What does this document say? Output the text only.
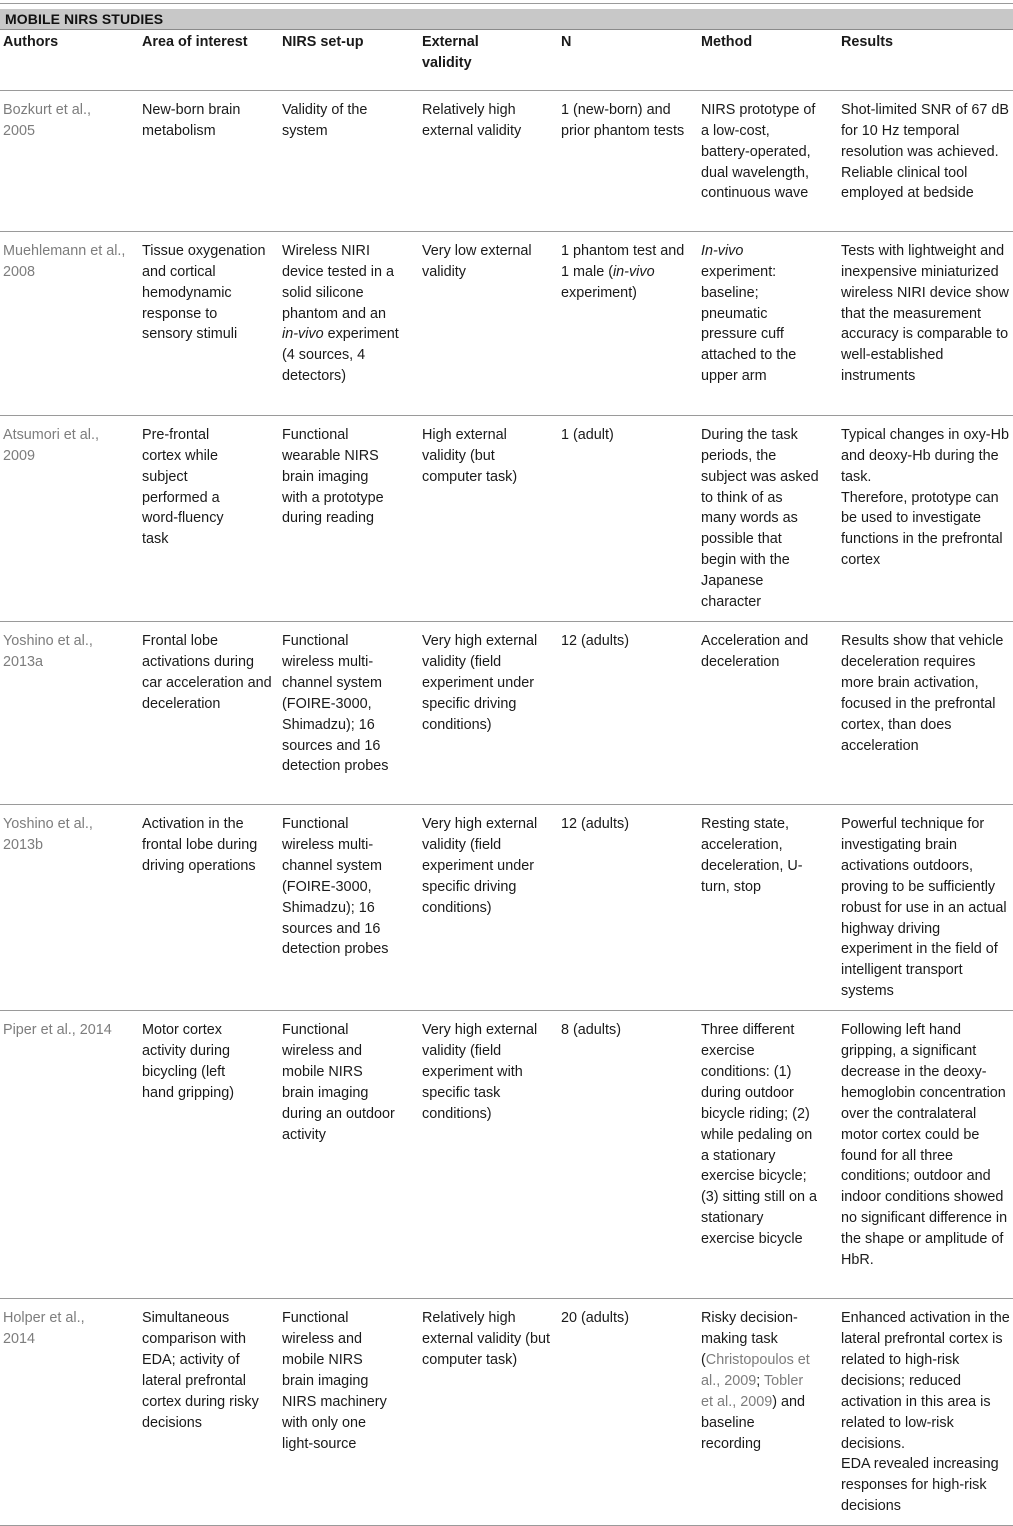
MOBILE NIRS STUDIES
Authors	Area of interest	NIRS set-up	External validity	N	Method	Results
Bozkurt et al., 2005	New-born brain metabolism	Validity of the system	Relatively high external validity	1 (new-born) and prior phantom tests	NIRS prototype of a low-cost, battery-operated, dual wavelength, continuous wave	Shot-limited SNR of 67 dB for 10 Hz temporal resolution was achieved. Reliable clinical tool employed at bedside
Muehlemann et al., 2008	Tissue oxygenation and cortical hemodynamic response to sensory stimuli	Wireless NIRI device tested in a solid silicone phantom and an in-vivo experiment (4 sources, 4 detectors)	Very low external validity	1 phantom test and 1 male (in-vivo experiment)	In-vivo experiment: baseline; pneumatic pressure cuff attached to the upper arm	Tests with lightweight and inexpensive miniaturized wireless NIRI device show that the measurement accuracy is comparable to well-established instruments
Atsumori et al., 2009	Pre-frontal cortex while subject performed a word-fluency task	Functional wearable NIRS brain imaging with a prototype during reading	High external validity (but computer task)	1 (adult)	During the task periods, the subject was asked to think of as many words as possible that begin with the Japanese character	Typical changes in oxy-Hb and deoxy-Hb during the task.
Therefore, prototype can be used to investigate functions in the prefrontal cortex

Yoshino et al., 2013a	Frontal lobe activations during car acceleration and deceleration	Functional wireless multi-channel system (FOIRE-3000, Shimadzu); 16 sources and 16 detection probes	Very high external validity (field experiment under specific driving conditions)	12 (adults)	Acceleration and deceleration	Results show that vehicle deceleration requires more brain activation, focused in the prefrontal cortex, than does acceleration
Yoshino et al., 2013b	Activation in the frontal lobe during driving operations	Functional wireless multi-channel system (FOIRE-3000, Shimadzu); 16 sources and 16 detection probes	Very high external validity (field experiment under specific driving conditions)	12 (adults)	Resting state, acceleration, deceleration, U-turn, stop	Powerful technique for investigating brain activations outdoors, proving to be sufficiently robust for use in an actual highway driving experiment in the field of intelligent transport systems
Piper et al., 2014	Motor cortex activity during bicycling (left hand gripping)	Functional wireless and mobile NIRS brain imaging during an outdoor activity	Very high external validity (field experiment with specific task conditions)	8 (adults)	Three different exercise conditions: (1) during outdoor bicycle riding; (2) while pedaling on a stationary exercise bicycle; (3) sitting still on a stationary exercise bicycle	Following left hand gripping, a significant decrease in the deoxy-hemoglobin concentration over the contralateral motor cortex could be found for all three conditions; outdoor and indoor conditions showed no significant difference in the shape or amplitude of HbR.
Holper et al., 2014	Simultaneous comparison with EDA; activity of lateral prefrontal cortex during risky decisions	Functional wireless and mobile NIRS brain imaging NIRS machinery with only one light-source	Relatively high external validity (but computer task)	20 (adults)	Risky decision-making task (Christopoulos et al., 2009; Tobler et al., 2009) and baseline recording	Enhanced activation in the lateral prefrontal cortex is related to high-risk decisions; reduced activation in this area is related to low-risk decisions.
EDA revealed increasing responses for high-risk decisions
